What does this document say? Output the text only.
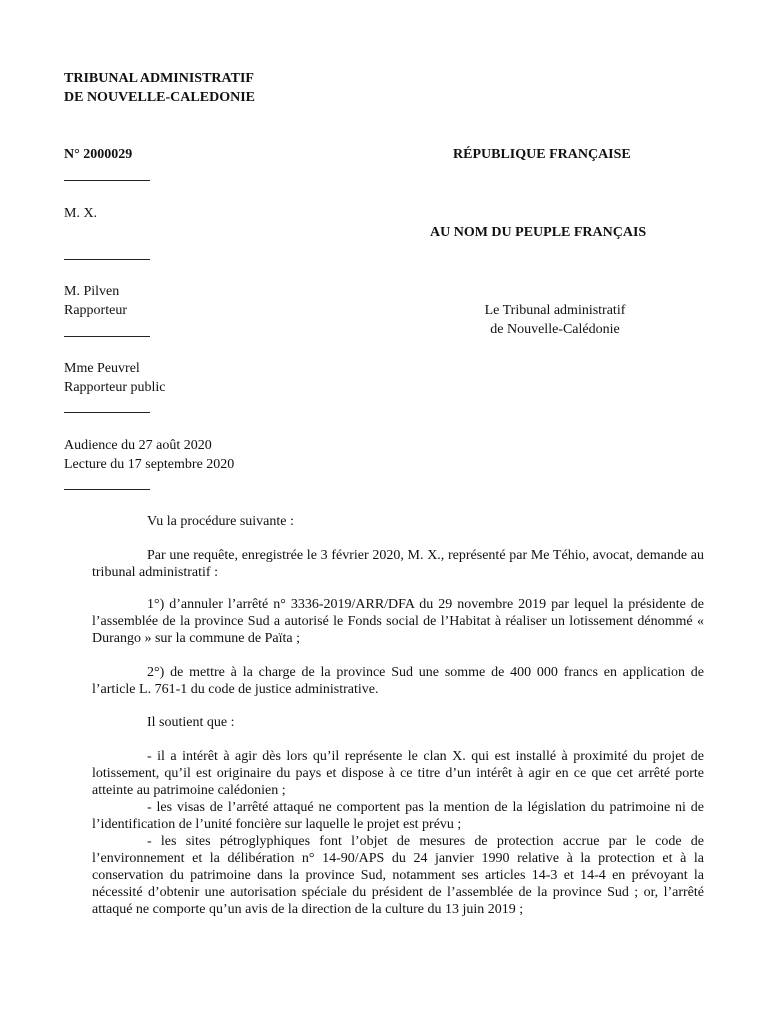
TRIBUNAL ADMINISTRATIF
DE NOUVELLE-CALEDONIE
N° 2000029	RÉPUBLIQUE FRANÇAISE
M. X.
AU NOM DU PEUPLE FRANÇAIS
M. Pilven
Rapporteur	Le Tribunal administratif
de Nouvelle-Calédonie
Mme Peuvrel
Rapporteur public
Audience du 27 août 2020
Lecture du 17 septembre 2020
Vu la procédure suivante :
Par une requête, enregistrée le 3 février 2020, M. X., représenté par Me Téhio, avocat, demande au tribunal administratif :
1°) d’annuler l’arrêté n° 3336-2019/ARR/DFA du 29 novembre 2019 par lequel la présidente de l’assemblée de la province Sud a autorisé le Fonds social de l’Habitat à réaliser un lotissement dénommé « Durango » sur la commune de Païta ;
2°) de mettre à la charge de la province Sud une somme de 400 000 francs en application de l’article L. 761-1 du code de justice administrative.
Il soutient que :
- il a intérêt à agir dès lors qu’il représente le clan X. qui est installé à proximité du projet de lotissement, qu’il est originaire du pays et dispose à ce titre d’un intérêt à agir en ce que cet arrêté porte atteinte au patrimoine calédonien ;
- les visas de l’arrêté attaqué ne comportent pas la mention de la législation du patrimoine ni de l’identification de l’unité foncière sur laquelle le projet est prévu ;
- les sites pétroglyphiques font l’objet de mesures de protection accrue par le code de l’environnement et la délibération n° 14-90/APS du 24 janvier 1990 relative à la protection et à la conservation du patrimoine dans la province Sud, notamment ses articles 14-3 et 14-4 en prévoyant la nécessité d’obtenir une autorisation spéciale du président de l’assemblée de la province Sud ; or, l’arrêté attaqué ne comporte qu’un avis de la direction de la culture du 13 juin 2019 ;
